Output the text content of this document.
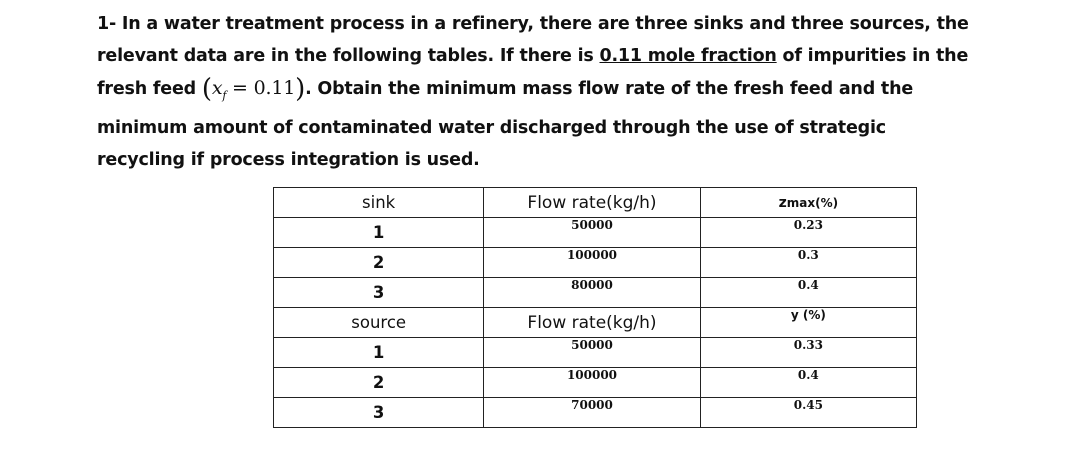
1- In a water treatment process in a refinery, there are three sinks and three sources, the
relevant data are in the following tables. If there is 0.11 mole fraction of impurities in the
fresh feed $(x_f = 0.11)$. Obtain the minimum mass flow rate of the fresh feed and the
minimum amount of contaminated water discharged through the use of strategic
recycling if process integration is used.
sink	Flow rate(kg/h)	zmax(%)
1	50000	0.23
2	100000	0.3
3	80000	0.4
source	Flow rate(kg/h)	y (%)
1	50000	0.33
2	100000	0.4
3	70000	0.45
